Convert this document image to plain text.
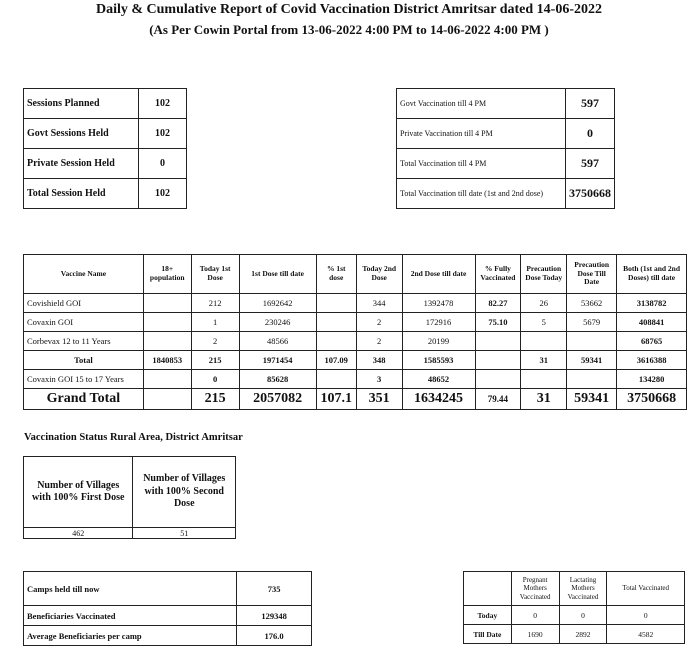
Daily & Cumulative Report of Covid Vaccination District Amritsar dated 14-06-2022
(As Per Cowin Portal from 13-06-2022 4:00 PM to 14-06-2022 4:00 PM )
Sessions Planned	102
Govt Sessions Held	102
Private Session Held	0
Total Session Held	102
Govt Vaccination till 4 PM	597
Private Vaccination till 4 PM	0
Total Vaccination till 4 PM	597
Total Vaccination till date (1st and 2nd dose)	3750668
Vaccine Name	18+ population	Today 1st Dose	1st Dose till date	% 1st dose	Today 2nd Dose	2nd Dose till date	% Fully Vaccinated	Precaution Dose Today	Precaution Dose Till Date	Both (1st and 2nd Doses) till date
Covishield GOI		212	1692642		344	1392478	82.27	26	53662	3138782
Covaxin GOI		1	230246		2	172916	75.10	5	5679	408841
Corbevax 12 to 11 Years		2	48566		2	20199				68765
Total	1840853	215	1971454	107.09	348	1585593		31	59341	3616388
Covaxin GOI 15 to 17 Years		0	85628		3	48652				134280
Grand Total		215	2057082	107.1	351	1634245	79.44	31	59341	3750668
Vaccination Status Rural Area, District Amritsar
Number of Villages with 100% First Dose	Number of Villages with 100% Second Dose
462	51
Camps held till now	735
Beneficiaries Vaccinated	129348
Average Beneficiaries per camp	176.0
	Pregnant Mothers Vaccinated	Lactating Mothers Vaccinated	Total Vaccinated
Today	0	0	0
Till Date	1690	2892	4582
